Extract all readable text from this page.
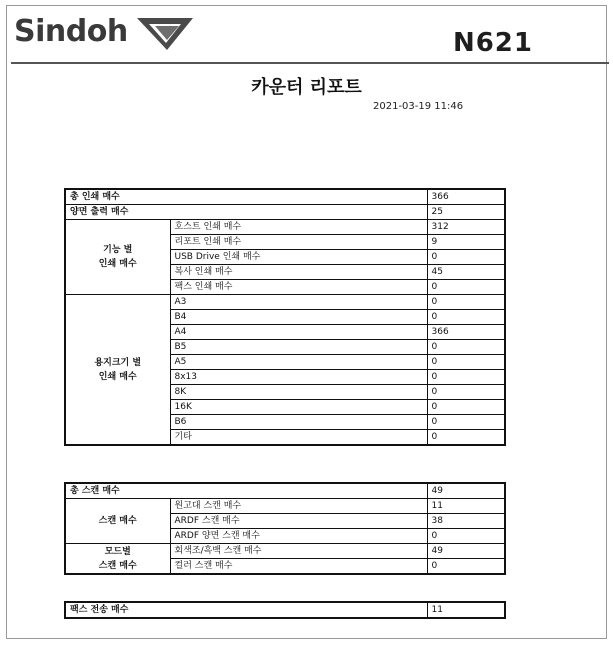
Sindoh	N621
카운터 리포트
2021-03-19 11:46
총 인쇄 매수		366
양면 출력 매수		25
기능 별
인쇄 매수	호스트 인쇄 매수	312
	리포트 인쇄 매수	9
	USB Drive 인쇄 매수	0
	복사 인쇄 매수	45
	팩스 인쇄 매수	0
용지크기 별
인쇄 매수	A3	0
	B4	0
	A4	366
	B5	0
	A5	0
	8x13	0
	8K	0
	16K	0
	B6	0
	기타	0
총 스캔 매수		49
스캔 매수	원고대 스캔 매수	11
	ARDF 스캔 매수	38
	ARDF 양면 스캔 매수	0
모드별
스캔 매수	회색조/흑백 스캔 매수	49
	컬러 스캔 매수	0
팩스 전송 매수	11
